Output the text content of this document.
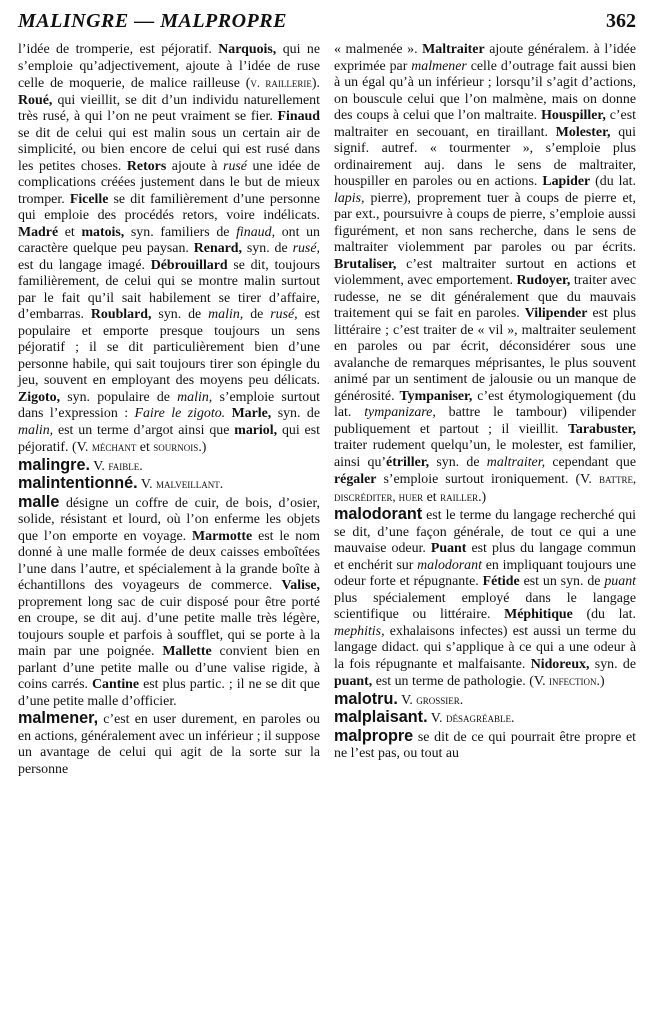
MALINGRE — MALPROPRE	362

l’idée de tromperie, est péjoratif. Narquois, qui ne s’emploie qu’adjectivement, ajoute à l’idée de ruse celle de moquerie, de malice railleuse (v. raillerie). Roué, qui vieillit, se dit d’un individu naturellement très rusé, à qui l’on ne peut vraiment se fier. Finaud se dit de celui qui est malin sous un certain air de simplicité, ou bien encore de celui qui est rusé dans les petites choses. Retors ajoute à rusé une idée de complications créées justement dans le but de mieux tromper. Ficelle se dit familièrement d’une personne qui emploie des procédés retors, voire indélicats. Madré et matois, syn. familiers de finaud, ont un caractère quelque peu paysan. Renard, syn. de rusé, est du langage imagé. Débrouillard se dit, toujours familièrement, de celui qui se montre malin surtout par le fait qu’il sait habilement se tirer d’affaire, d’embarras. Roublard, syn. de malin, de rusé, est populaire et emporte presque toujours un sens péjoratif ; il se dit particulièrement bien d’une personne habile, qui sait toujours tirer son épingle du jeu, souvent en employant des moyens peu délicats. Zigoto, syn. populaire de malin, s’emploie surtout dans l’expression : Faire le zigoto. Marle, syn. de malin, est un terme d’argot ainsi que mariol, qui est péjoratif. (V. méchant et sournois.)

malingre. V. faible.

malintentionné. V. malveillant.

malle désigne un coffre de cuir, de bois, d’osier, solide, résistant et lourd, où l’on enferme les objets que l’on emporte en voyage. Marmotte est le nom donné à une malle formée de deux caisses emboîtées l’une dans l’autre, et spécialement à la grande boîte à échantillons des voyageurs de commerce. Valise, proprement long sac de cuir disposé pour être porté en croupe, se dit auj. d’une petite malle très légère, toujours souple et parfois à soufflet, qui se porte à la main par une poignée. Mallette convient bien en parlant d’une petite malle ou d’une valise rigide, à coins carrés. Cantine est plus partic. ; il ne se dit que d’une petite malle d’officier.

malmener, c’est en user durement, en paroles ou en actions, généralement avec un inférieur ; il suppose un avantage de celui qui agit de la sorte sur la personne

« malmenée ». Maltraiter ajoute généralem. à l’idée exprimée par malmener celle d’outrage fait aussi bien à un égal qu’à un inférieur ; lorsqu’il s’agit d’actions, on bouscule celui que l’on malmène, mais on donne des coups à celui que l’on maltraite. Houspiller, c’est maltraiter en secouant, en tiraillant. Molester, qui signif. autref. « tourmenter », s’emploie plus ordinairement auj. dans le sens de maltraiter, houspiller en paroles ou en actions. Lapider (du lat. lapis, pierre), proprement tuer à coups de pierre et, par ext., poursuivre à coups de pierre, s’emploie aussi figurément, et non sans recherche, dans le sens de maltraiter violemment par paroles ou par écrits. Brutaliser, c’est maltraiter surtout en actions et violemment, avec emportement. Rudoyer, traiter avec rudesse, ne se dit généralement que du mauvais traitement qui se fait en paroles. Vilipender est plus littéraire ; c’est traiter de « vil », maltraiter seulement en paroles ou par écrit, déconsidérer sous une avalanche de remarques méprisantes, le plus souvent animé par un sentiment de jalousie ou un manque de générosité. Tympaniser, c’est étymologiquement (du lat. tympanizare, battre le tambour) vilipender publiquement et partout ; il vieillit. Tarabuster, traiter rudement quelqu’un, le molester, est familier, ainsi qu’étriller, syn. de maltraiter, cependant que régaler s’emploie surtout ironiquement. (V. battre, discréditer, huer et railler.)

malodorant est le terme du langage recherché qui se dit, d’une façon générale, de tout ce qui a une mauvaise odeur. Puant est plus du langage commun et enchérit sur malodorant en impliquant toujours une odeur forte et répugnante. Fétide est un syn. de puant plus spécialement employé dans le langage scientifique ou littéraire. Méphitique (du lat. mephitis, exhalaisons infectes) est aussi un terme du langage didact. qui s’applique à ce qui a une odeur à la fois répugnante et malfaisante. Nidoreux, syn. de puant, est un terme de pathologie. (V. infection.)

malotru. V. grossier.

malplaisant. V. désagréable.

malpropre se dit de ce qui pourrait être propre et ne l’est pas, ou tout au
